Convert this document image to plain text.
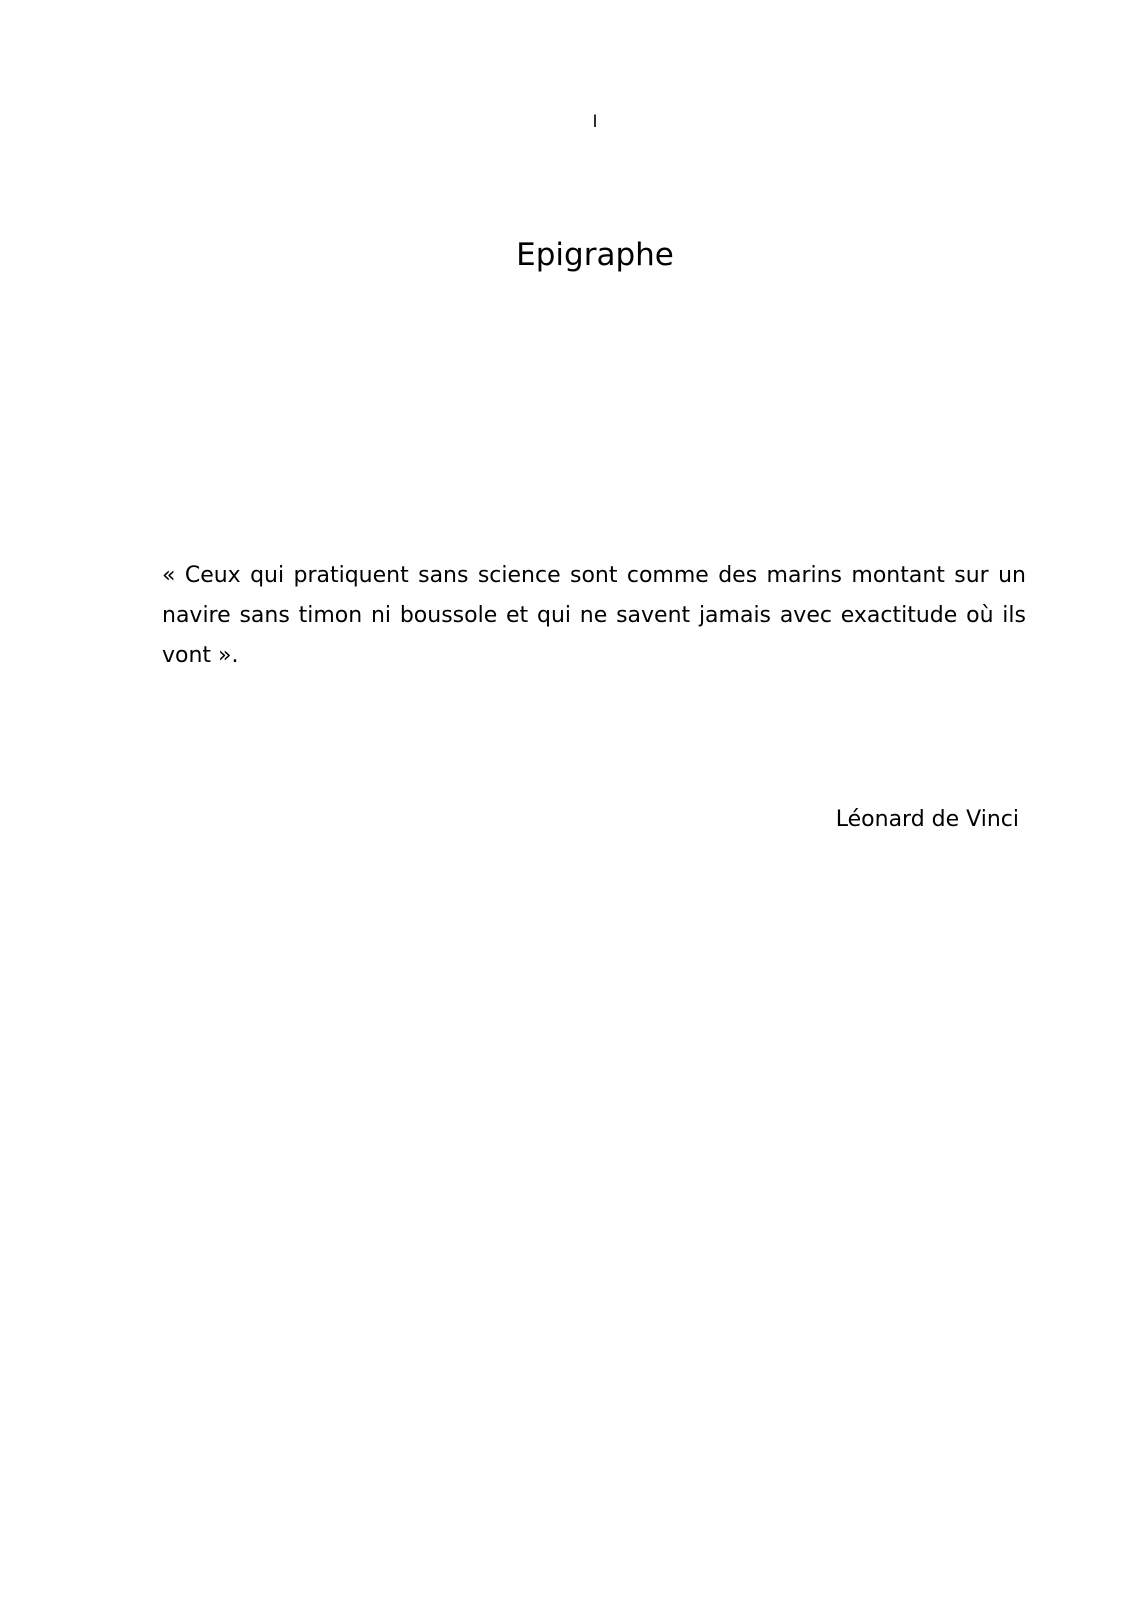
I
Epigraphe

« Ceux qui pratiquent sans science sont comme des marins montant sur un navire sans timon ni boussole et qui ne savent jamais avec exactitude où ils vont ».

Léonard de Vinci
